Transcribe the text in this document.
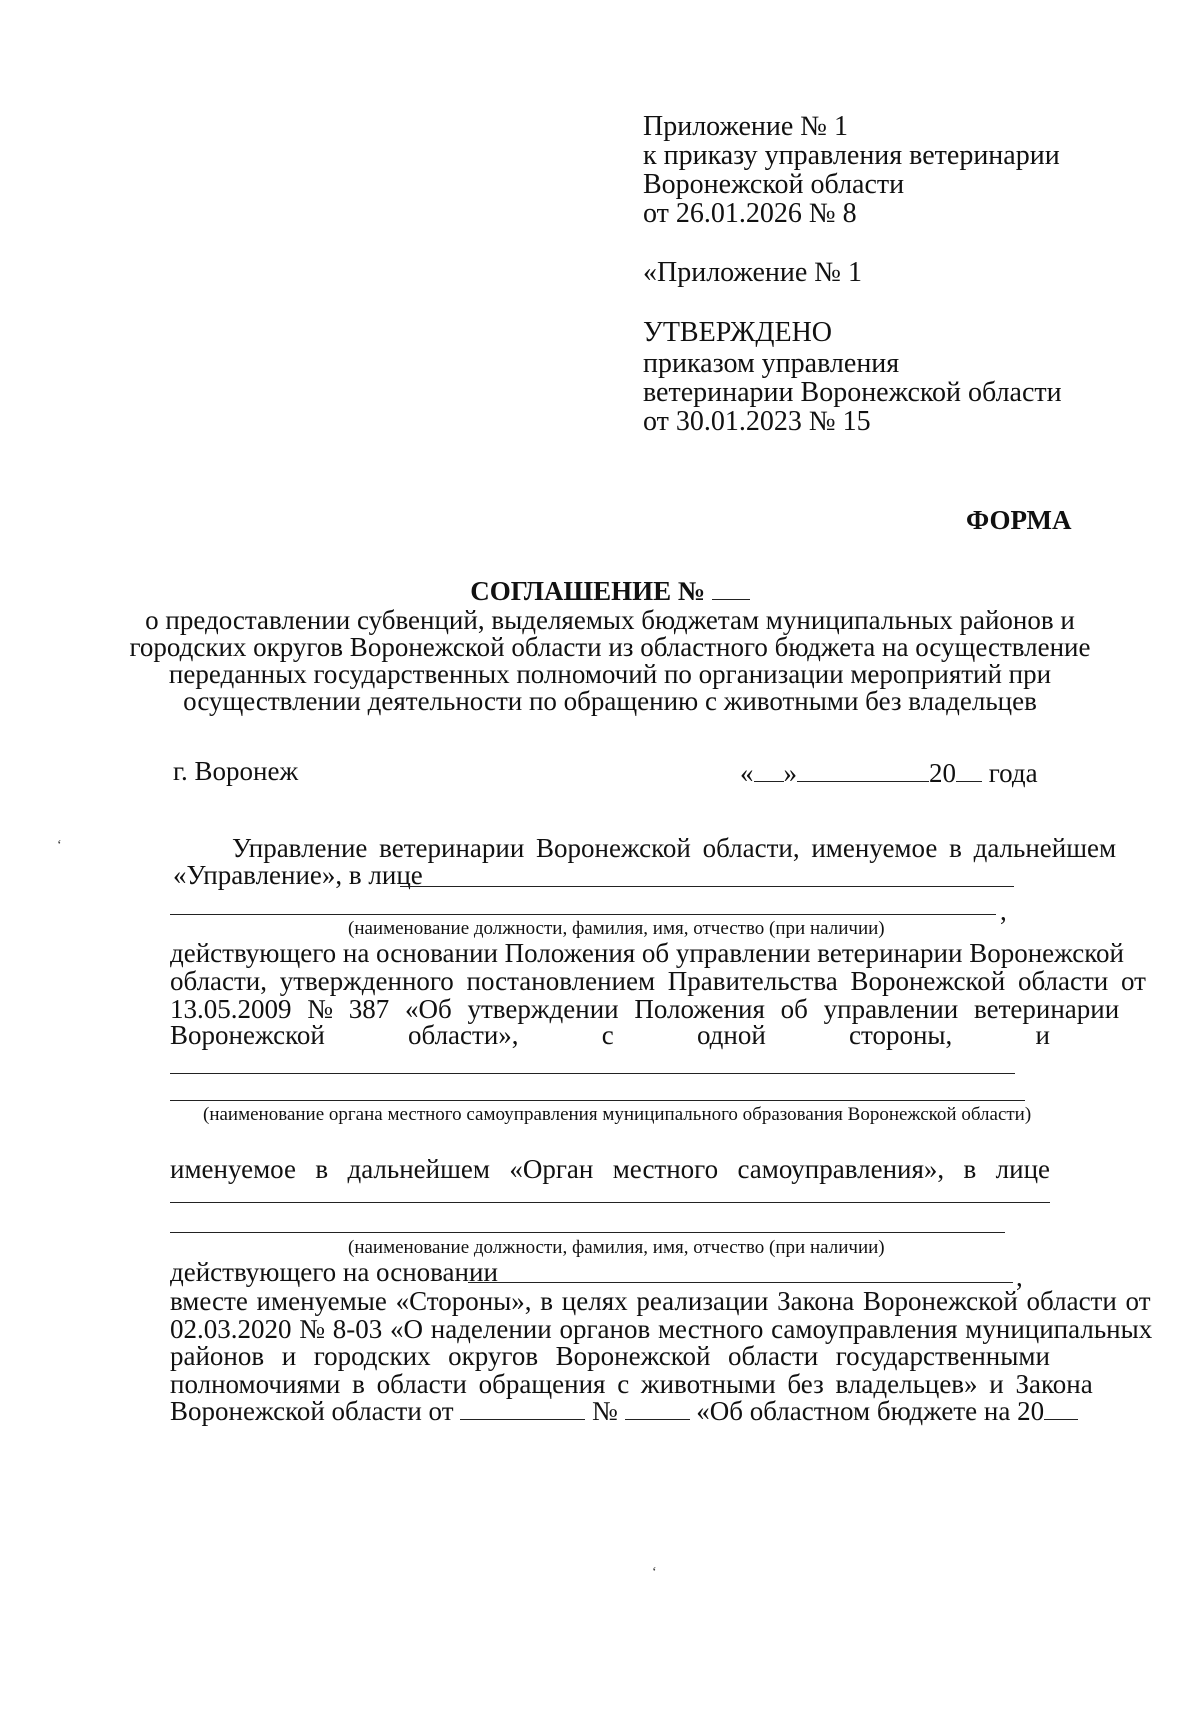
Приложение № 1
к приказу управления ветеринарии
Воронежской области
от 26.01.2026 № 8
«Приложение № 1
УТВЕРЖДЕНО
приказом управления
ветеринарии Воронежской области
от 30.01.2023 № 15
ФОРМА
СОГЛАШЕНИЕ №
о предоставлении субвенций, выделяемых бюджетам муниципальных районов и
городских округов Воронежской области из областного бюджета на осуществление
переданных государственных полномочий по организации мероприятий при
осуществлении деятельности по обращению с животными без владельцев
г. Воронеж	« »	20 года
Управление ветеринарии Воронежской области, именуемое в дальнейшем
«Управление», в лице
,
(наименование должности, фамилия, имя, отчество (при наличии)
действующего на основании Положения об управлении ветеринарии Воронежской
области, утвержденного постановлением Правительства Воронежской области от
13.05.2009 № 387 «Об утверждении Положения об управлении ветеринарии
Воронежской	области»,	с	одной	стороны,	и
(наименование органа местного самоуправления муниципального образования Воронежской области)
именуемое в дальнейшем «Орган местного самоуправления», в лице
(наименование должности, фамилия, имя, отчество (при наличии)
действующего на основании	,
вместе именуемые «Стороны», в целях реализации Закона Воронежской области от
02.03.2020 № 8-03 «О наделении органов местного самоуправления муниципальных
районов и городских округов Воронежской области государственными
полномочиями в области обращения с животными без владельцев» и Закона
Воронежской области от	№	«Об областном бюджете на 20
ʻ
ʻ
